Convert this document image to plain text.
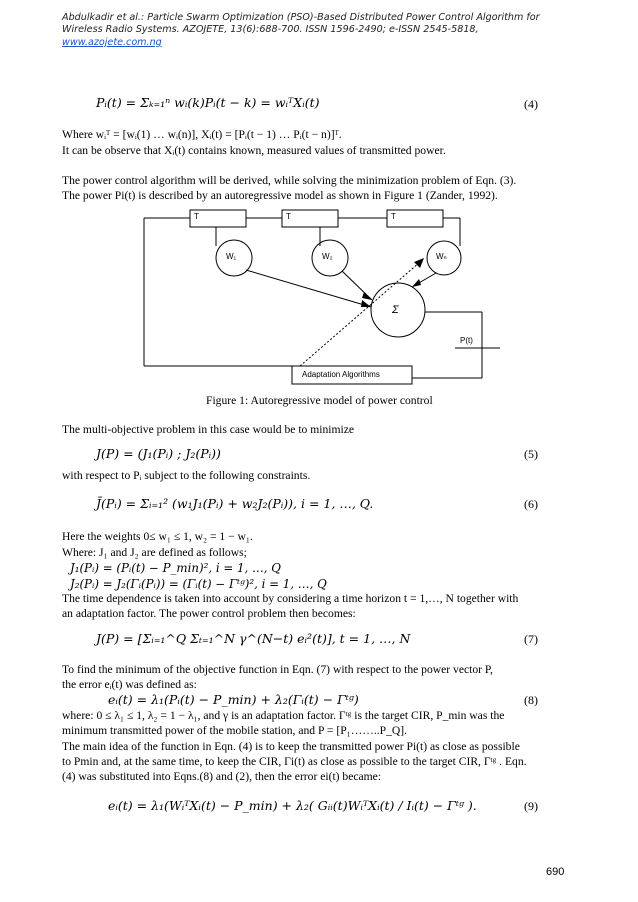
Abdulkadir et al.: Particle Swarm Optimization (PSO)-Based Distributed Power Control Algorithm for
Wireless Radio Systems. AZOJETE, 13(6):688-700. ISSN 1596-2490; e-ISSN 2545-5818,
www.azojete.com.ng
Pᵢ(t) = Σₖ₌₁ⁿ wᵢ(k)Pᵢ(t − k) = wᵢᵀXᵢ(t)	(4)
Where wᵢᵀ = [wᵢ(1) … wᵢ(n)], Xᵢ(t) = [Pᵢ(t − 1) … Pᵢ(t − n)]ᵀ.
It can be observe that Xᵢ(t) contains known, measured values of transmitted power.
The power control algorithm will be derived, while solving the minimization problem of Eqn. (3).
The power Pi(t) is described by an autoregressive model as shown in Figure 1 (Zander, 1992).
T	T	T
W₁	W₂	Wₙ
Σ
P(t)
Adaptation Algorithms
Figure 1: Autoregressive model of power control
The multi-objective problem in this case would be to minimize
J(P) = (J₁(Pᵢ) ; J₂(Pᵢ))	(5)
with respect to Pᵢ subject to the following constraints.
J̄(Pᵢ) = Σᵢ₌₁² (w₁J₁(Pᵢ) + w₂J₂(Pᵢ)), i = 1, …, Q.	(6)
Here the weights 0≤ w₁ ≤ 1, w₂ = 1 − w₁.
Where: J₁ and J₂ are defined as follows;
J₁(Pᵢ) = (Pᵢ(t) − P_min)², i = 1, …, Q
J₂(Pᵢ) = J₂(Γᵢ(Pᵢ)) = (Γᵢ(t) − Γᵗᵍ)², i = 1, …, Q
The time dependence is taken into account by considering a time horizon t = 1,…, N together with
an adaptation factor. The power control problem then becomes:
J(P) = [Σᵢ₌₁^Q Σₜ₌₁^N γ^(N−t) eᵢ²(t)], t = 1, …, N	(7)
To find the minimum of the objective function in Eqn. (7) with respect to the power vector P,
the error eᵢ(t) was defined as:
eᵢ(t) = λ₁(Pᵢ(t) − P_min) + λ₂(Γᵢ(t) − Γᵗᵍ)	(8)
where: 0 ≤ λ₁ ≤ 1, λ₂ = 1 − λ₁, and γ is an adaptation factor. Γᵗᵍ is the target CIR, P_min was the
minimum transmitted power of the mobile station, and P = [P₁……..P_Q].
The main idea of the function in Eqn. (4) is to keep the transmitted power Pi(t) as close as possible
to Pmin and, at the same time, to keep the CIR, Γi(t) as close as possible to the target CIR, Γᵗᵍ . Eqn.
(4) was substituted into Eqns.(8) and (2), then the error ei(t) became:
eᵢ(t) = λ₁(WᵢᵀXᵢ(t) − P_min) + λ₂( Gᵢᵢ(t)WᵢᵀXᵢ(t) / Iᵢ(t) − Γᵗᵍ ).	(9)
690
